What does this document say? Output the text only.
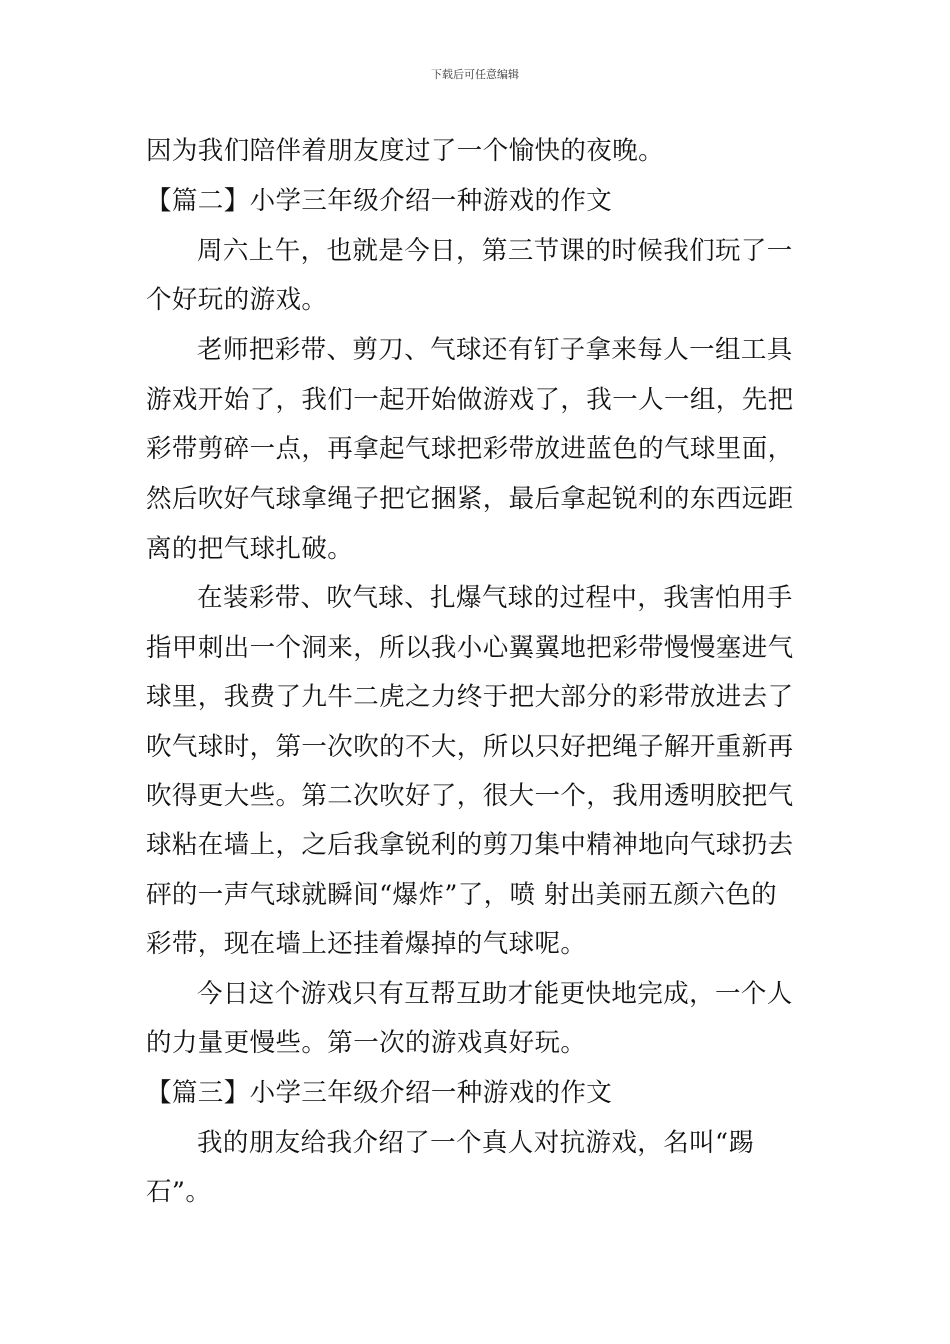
下载后可任意编辑
因为我们陪伴着朋友度过了一个愉快的夜晚。
【篇二】小学三年级介绍一种游戏的作文
周六上午，也就是今日，第三节课的时候我们玩了一
个好玩的游戏。
老师把彩带、剪刀、气球还有钉子拿来每人一组工具
游戏开始了，我们一起开始做游戏了，我一人一组，先把
彩带剪碎一点，再拿起气球把彩带放进蓝色的气球里面，
然后吹好气球拿绳子把它捆紧，最后拿起锐利的东西远距
离的把气球扎破。
在装彩带、吹气球、扎爆气球的过程中，我害怕用手
指甲刺出一个洞来，所以我小心翼翼地把彩带慢慢塞进气
球里，我费了九牛二虎之力终于把大部分的彩带放进去了
吹气球时，第一次吹的不大，所以只好把绳子解开重新再
吹得更大些。第二次吹好了，很大一个，我用透明胶把气
球粘在墙上，之后我拿锐利的剪刀集中精神地向气球扔去
砰的一声气球就瞬间“爆炸”了，喷 射出美丽五颜六色的
彩带，现在墙上还挂着爆掉的气球呢。
今日这个游戏只有互帮互助才能更快地完成，一个人
的力量更慢些。第一次的游戏真好玩。
【篇三】小学三年级介绍一种游戏的作文
我的朋友给我介绍了一个真人对抗游戏，名叫“踢
石”。
